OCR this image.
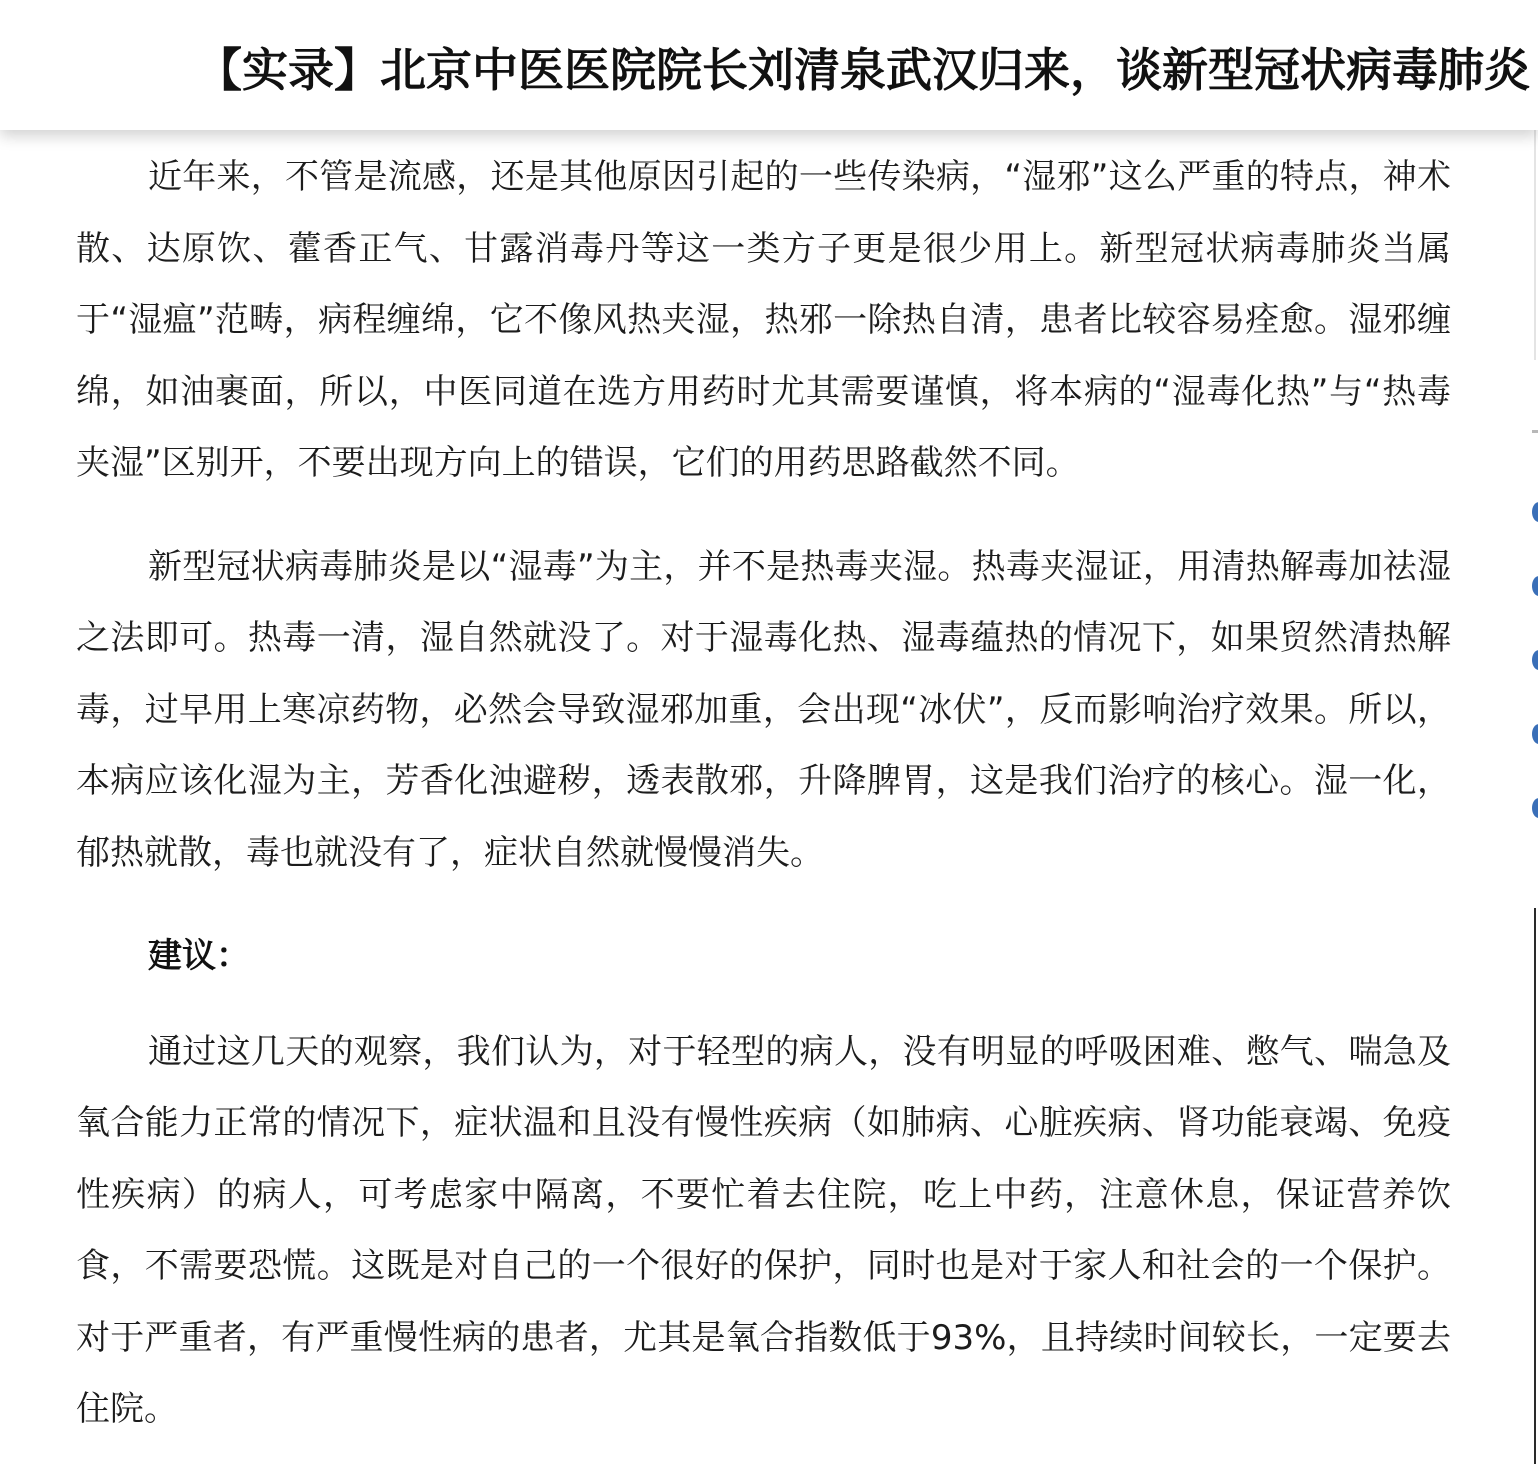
【实录】北京中医医院院长刘清泉武汉归来，谈新型冠状病毒肺炎

近年来，不管是流感，还是其他原因引起的一些传染病，“湿邪”这么严重的特点，神术散、达原饮、藿香正气、甘露消毒丹等这一类方子更是很少用上。新型冠状病毒肺炎当属于“湿瘟”范畴，病程缠绵，它不像风热夹湿，热邪一除热自清，患者比较容易痊愈。湿邪缠绵，如油裹面，所以，中医同道在选方用药时尤其需要谨慎，将本病的“湿毒化热”与“热毒夹湿”区别开，不要出现方向上的错误，它们的用药思路截然不同。

新型冠状病毒肺炎是以“湿毒”为主，并不是热毒夹湿。热毒夹湿证，用清热解毒加祛湿之法即可。热毒一清，湿自然就没了。对于湿毒化热、湿毒蕴热的情况下，如果贸然清热解毒，过早用上寒凉药物，必然会导致湿邪加重，会出现“冰伏”，反而影响治疗效果。所以，本病应该化湿为主，芳香化浊避秽，透表散邪，升降脾胃，这是我们治疗的核心。湿一化，郁热就散，毒也就没有了，症状自然就慢慢消失。

建议：

通过这几天的观察，我们认为，对于轻型的病人，没有明显的呼吸困难、憋气、喘急及氧合能力正常的情况下，症状温和且没有慢性疾病（如肺病、心脏疾病、肾功能衰竭、免疫性疾病）的病人，可考虑家中隔离，不要忙着去住院，吃上中药，注意休息，保证营养饮食，不需要恐慌。这既是对自己的一个很好的保护，同时也是对于家人和社会的一个保护。对于严重者，有严重慢性病的患者，尤其是氧合指数低于93%，且持续时间较长，一定要去住院。
